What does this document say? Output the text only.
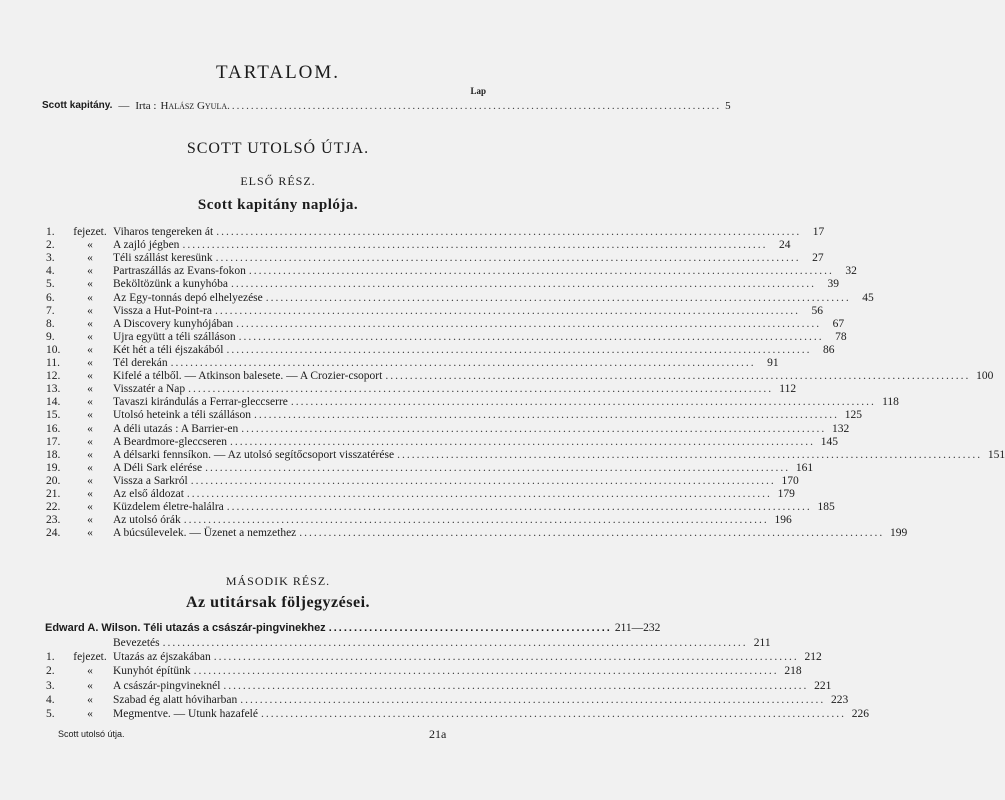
TARTALOM.
Lap
Scott kapitány. — Irta : Halász Gyula ........................................................................................................ 5
SCOTT UTOLSÓ ÚTJA.
ELSŐ RÉSZ.
Scott kapitány naplója.
1.	fejezet. Viharos tengereken át ........................................................................................................................	17
2.	«	A zajló jégben ........................................................................................................................	24
3.	«	Téli szállást keresünk ........................................................................................................................	27
4.	«	Partraszállás az Evans-fokon ........................................................................................................................	32
5.	«	Beköltözünk a kunyhóba ........................................................................................................................	39
6.	«	Az Egy-tonnás depó elhelyezése ........................................................................................................................	45
7.	«	Vissza a Hut-Point-ra ........................................................................................................................	56
8.	«	A Discovery kunyhójában ........................................................................................................................	67
9.	«	Ujra együtt a téli szálláson ........................................................................................................................	78
10.	«	Két hét a téli éjszakából ........................................................................................................................	86
11.	«	Tél derekán ........................................................................................................................	91
12.	«	Kifelé a télből. — Atkinson balesete. — A Crozier-csoport ........................................................................................................................ 100
13.	«	Visszatér a Nap ........................................................................................................................ 112
14.	«	Tavaszi kirándulás a Ferrar-gleccserre ........................................................................................................................ 118
15.	«	Utolsó heteink a téli szálláson ........................................................................................................................ 125
16.	«	A déli utazás : A Barrier-en ........................................................................................................................ 132
17.	«	A Beardmore-gleccseren ........................................................................................................................ 145
18.	«	A délsarki fennsíkon. — Az utolsó segítőcsoport visszatérése ........................................................................................................................ 151
19.	«	A Déli Sark elérése ........................................................................................................................ 161
20.	«	Vissza a Sarkról ........................................................................................................................ 170
21.	«	Az első áldozat ........................................................................................................................ 179
22.	«	Küzdelem életre-halálra ........................................................................................................................ 185
23.	«	Az utolsó órák ........................................................................................................................ 196
24.	«	A búcsúlevelek. — Üzenet a nemzethez ........................................................................................................................ 199
MÁSODIK RÉSZ.
Az utitársak följegyzései.
Edward A. Wilson. Téli utazás a császár-pingvinekhez ........................................................ 211—232
Bevezetés ........................................................................................................................ 211
1.	fejezet. Utazás az éjszakában ........................................................................................................................ 212
2.	«	Kunyhót építünk ........................................................................................................................ 218
3.	«	A császár-pingvineknél ........................................................................................................................ 221
4.	«	Szabad ég alatt hóviharban ........................................................................................................................ 223
5.	«	Megmentve. — Utunk hazafelé ........................................................................................................................ 226
Scott utolsó útja.	21a
